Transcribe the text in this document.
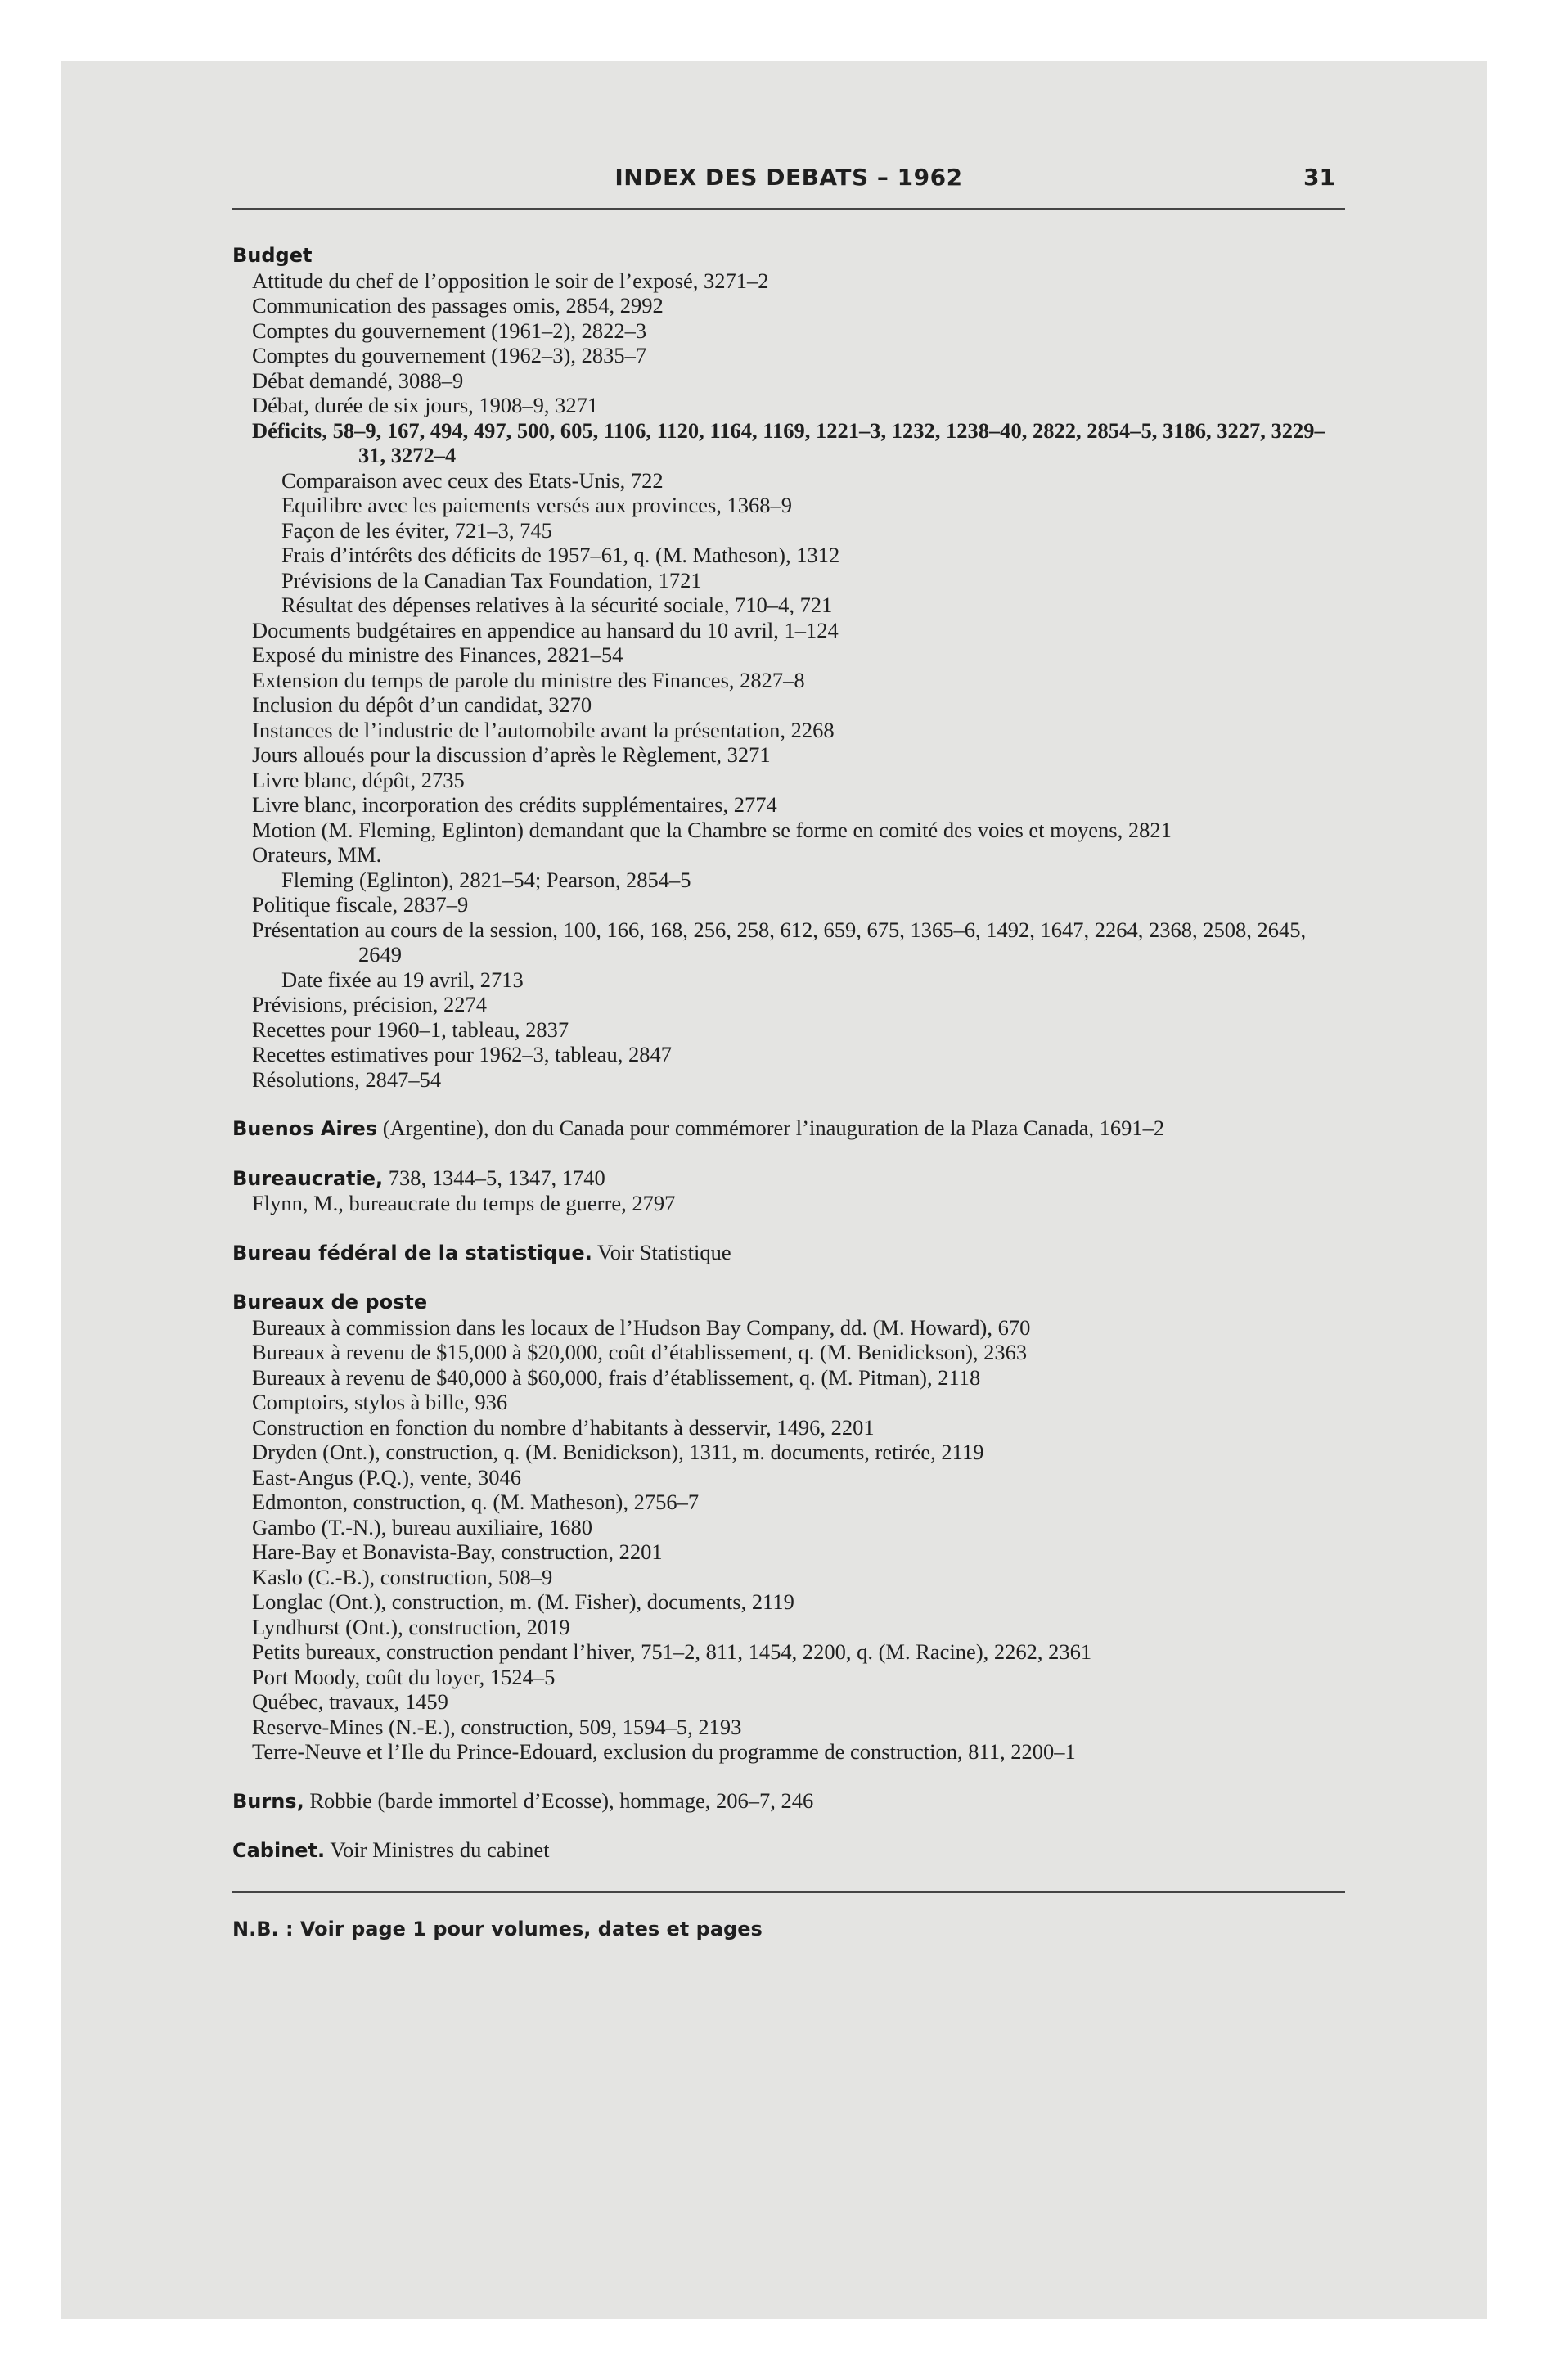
INDEX DES DEBATS – 1962	31
Budget
Attitude du chef de l’opposition le soir de l’exposé, 3271–2
Communication des passages omis, 2854, 2992
Comptes du gouvernement (1961–2), 2822–3
Comptes du gouvernement (1962–3), 2835–7
Débat demandé, 3088–9
Débat, durée de six jours, 1908–9, 3271
Déficits, 58–9, 167, 494, 497, 500, 605, 1106, 1120, 1164, 1169, 1221–3, 1232, 1238–40, 2822, 2854–5, 3186, 3227, 3229–31, 3272–4
Comparaison avec ceux des Etats-Unis, 722
Equilibre avec les paiements versés aux provinces, 1368–9
Façon de les éviter, 721–3, 745
Frais d’intérêts des déficits de 1957–61, q. (M. Matheson), 1312
Prévisions de la Canadian Tax Foundation, 1721
Résultat des dépenses relatives à la sécurité sociale, 710–4, 721
Documents budgétaires en appendice au hansard du 10 avril, 1–124
Exposé du ministre des Finances, 2821–54
Extension du temps de parole du ministre des Finances, 2827–8
Inclusion du dépôt d’un candidat, 3270
Instances de l’industrie de l’automobile avant la présentation, 2268
Jours alloués pour la discussion d’après le Règlement, 3271
Livre blanc, dépôt, 2735
Livre blanc, incorporation des crédits supplémentaires, 2774
Motion (M. Fleming, Eglinton) demandant que la Chambre se forme en comité des voies et moyens, 2821
Orateurs, MM.
Fleming (Eglinton), 2821–54; Pearson, 2854–5
Politique fiscale, 2837–9
Présentation au cours de la session, 100, 166, 168, 256, 258, 612, 659, 675, 1365–6, 1492, 1647, 2264, 2368, 2508, 2645, 2649
Date fixée au 19 avril, 2713
Prévisions, précision, 2274
Recettes pour 1960–1, tableau, 2837
Recettes estimatives pour 1962–3, tableau, 2847
Résolutions, 2847–54
Buenos Aires (Argentine), don du Canada pour commémorer l’inauguration de la Plaza Canada, 1691–2
Bureaucratie, 738, 1344–5, 1347, 1740
Flynn, M., bureaucrate du temps de guerre, 2797
Bureau fédéral de la statistique. Voir Statistique
Bureaux de poste
Bureaux à commission dans les locaux de l’Hudson Bay Company, dd. (M. Howard), 670
Bureaux à revenu de $15,000 à $20,000, coût d’établissement, q. (M. Benidickson), 2363
Bureaux à revenu de $40,000 à $60,000, frais d’établissement, q. (M. Pitman), 2118
Comptoirs, stylos à bille, 936
Construction en fonction du nombre d’habitants à desservir, 1496, 2201
Dryden (Ont.), construction, q. (M. Benidickson), 1311, m. documents, retirée, 2119
East-Angus (P.Q.), vente, 3046
Edmonton, construction, q. (M. Matheson), 2756–7
Gambo (T.-N.), bureau auxiliaire, 1680
Hare-Bay et Bonavista-Bay, construction, 2201
Kaslo (C.-B.), construction, 508–9
Longlac (Ont.), construction, m. (M. Fisher), documents, 2119
Lyndhurst (Ont.), construction, 2019
Petits bureaux, construction pendant l’hiver, 751–2, 811, 1454, 2200, q. (M. Racine), 2262, 2361
Port Moody, coût du loyer, 1524–5
Québec, travaux, 1459
Reserve-Mines (N.-E.), construction, 509, 1594–5, 2193
Terre-Neuve et l’Ile du Prince-Edouard, exclusion du programme de construction, 811, 2200–1
Burns, Robbie (barde immortel d’Ecosse), hommage, 206–7, 246
Cabinet. Voir Ministres du cabinet
N.B. : Voir page 1 pour volumes, dates et pages
